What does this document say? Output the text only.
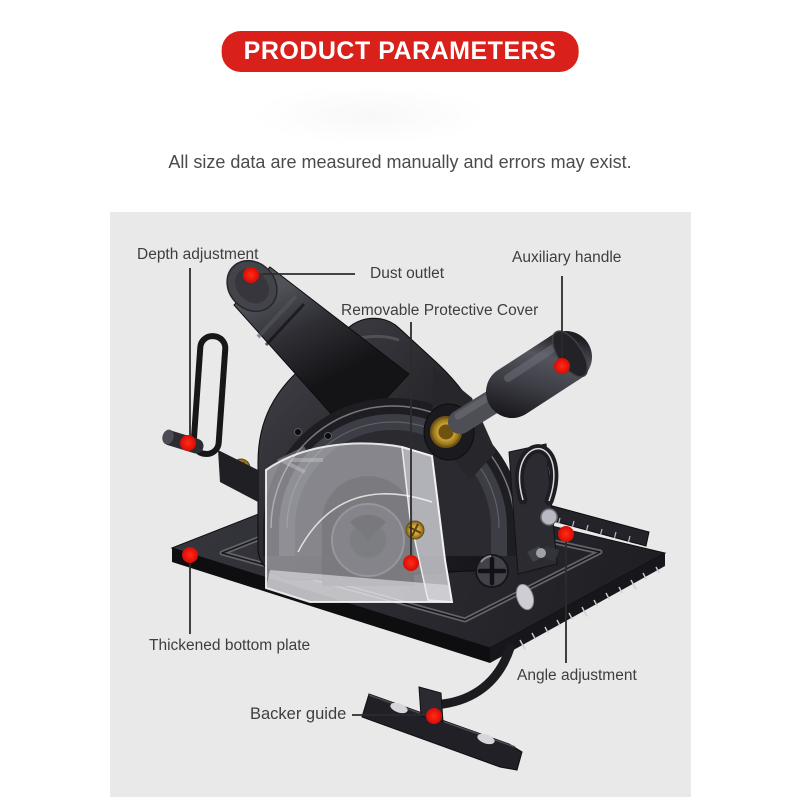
PRODUCT PARAMETERS
All size data are measured manually and errors may exist.
Depth adjustment
Dust outlet
Auxiliary handle
Removable Protective Cover
Thickened bottom plate
Angle adjustment
Backer guide
